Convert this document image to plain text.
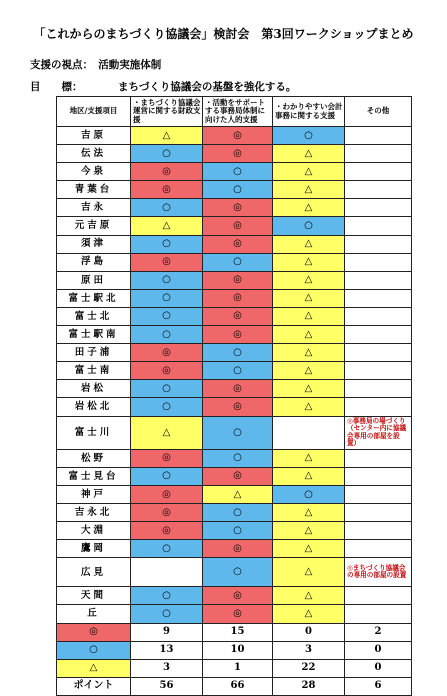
「これからのまちづくり協議会」検討会　第3回ワークショップまとめ
支援の視点：　活動実施体制
目　　標：	まちづくり協議会の基盤を強化する。
地区/支援項目	・まちづくり協議会運営に関する財政支援	・活動をサポートする事務局体制に向けた人的支援	・わかりやすい会計事務に関する支援	その他
吉原	△	◎	○	
伝法	○	◎	△	
今泉	◎	○	△	
青葉台	◎	○	△	
吉永	○	◎	△	
元吉原	△	◎	○	
須津	○	◎	△	
浮島	◎	○	△	
原田	○	◎	△	
富士駅北	○	◎	△	
富士北	○	◎	△	
富士駅南	○	◎	△	
田子浦	◎	○	△	
富士南	◎	○	△	
岩松	○	◎	△	
岩松北	○	◎	△	
富士川	△	○		◎事務局の場づくり（センター内に協議会専用の部屋を設置）
松野	◎	○	△	
富士見台	○	◎	△	
神戸	◎	△	○	
吉永北	◎	○	△	
大淵	◎	○	△	
鷹岡	○	◎	△	
広見		○	△	◎まちづくり協議会の専用の部屋の設置
天間	○	◎	△	
丘	○	◎	△	
◎	9	15	0	2
○	13	10	3	0
△	3	1	22	0
ポイント	56	66	28	6
